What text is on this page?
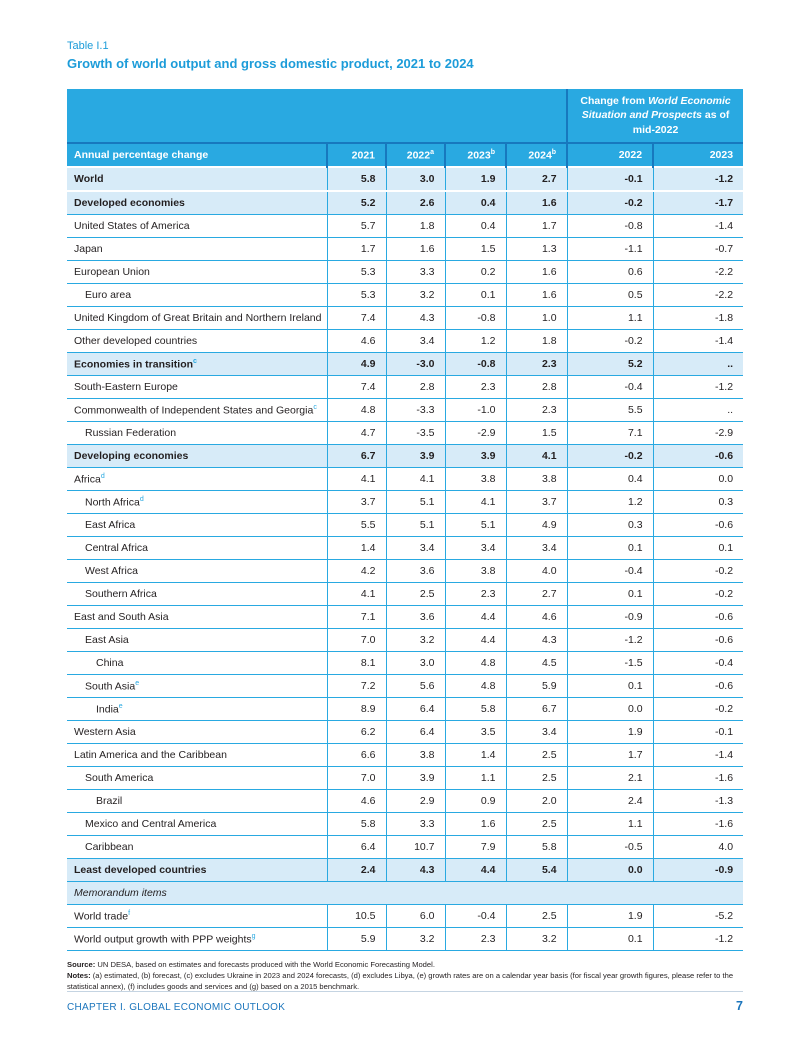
Table I.1
Growth of world output and gross domestic product, 2021 to 2024
					Change from World Economic Situation and Prospects as of mid-2022	
Annual percentage change	2021	2022$^a$	2023$^b$	2024$^b$	2022	2023
World	5.8	3.0	1.9	2.7	-0.1	-1.2
Developed economies	5.2	2.6	0.4	1.6	-0.2	-1.7
United States of America	5.7	1.8	0.4	1.7	-0.8	-1.4
Japan	1.7	1.6	1.5	1.3	-1.1	-0.7
European Union	5.3	3.3	0.2	1.6	0.6	-2.2
Euro area	5.3	3.2	0.1	1.6	0.5	-2.2
United Kingdom of Great Britain and Northern Ireland	7.4	4.3	-0.8	1.0	1.1	-1.8
Other developed countries	4.6	3.4	1.2	1.8	-0.2	-1.4
Economies in transition$^c$	4.9	-3.0	-0.8	2.3	5.2	..
South-Eastern Europe	7.4	2.8	2.3	2.8	-0.4	-1.2
Commonwealth of Independent States and Georgia$^c$	4.8	-3.3	-1.0	2.3	5.5	..
Russian Federation	4.7	-3.5	-2.9	1.5	7.1	-2.9
Developing economies	6.7	3.9	3.9	4.1	-0.2	-0.6
Africa$^d$	4.1	4.1	3.8	3.8	0.4	0.0
North Africa$^d$	3.7	5.1	4.1	3.7	1.2	0.3
East Africa	5.5	5.1	5.1	4.9	0.3	-0.6
Central Africa	1.4	3.4	3.4	3.4	0.1	0.1
West Africa	4.2	3.6	3.8	4.0	-0.4	-0.2
Southern Africa	4.1	2.5	2.3	2.7	0.1	-0.2
East and South Asia	7.1	3.6	4.4	4.6	-0.9	-0.6
East Asia	7.0	3.2	4.4	4.3	-1.2	-0.6
China	8.1	3.0	4.8	4.5	-1.5	-0.4
South Asia$^e$	7.2	5.6	4.8	5.9	0.1	-0.6
India$^e$	8.9	6.4	5.8	6.7	0.0	-0.2
Western Asia	6.2	6.4	3.5	3.4	1.9	-0.1
Latin America and the Caribbean	6.6	3.8	1.4	2.5	1.7	-1.4
South America	7.0	3.9	1.1	2.5	2.1	-1.6
Brazil	4.6	2.9	0.9	2.0	2.4	-1.3
Mexico and Central America	5.8	3.3	1.6	2.5	1.1	-1.6
Caribbean	6.4	10.7	7.9	5.8	-0.5	4.0
Least developed countries	2.4	4.3	4.4	5.4	0.0	-0.9
Memorandum items						
World trade$^f$	10.5	6.0	-0.4	2.5	1.9	-5.2
World output growth with PPP weights$^g$	5.9	3.2	2.3	3.2	0.1	-1.2
Source: UN DESA, based on estimates and forecasts produced with the World Economic Forecasting Model.
Notes: (a) estimated, (b) forecast, (c) excludes Ukraine in 2023 and 2024 forecasts, (d) excludes Libya, (e) growth rates are on a calendar year basis (for fiscal year growth figures, please refer to the statistical annex), (f) includes goods and services and (g) based on a 2015 benchmark.
CHAPTER I. GLOBAL ECONOMIC OUTLOOK	7
